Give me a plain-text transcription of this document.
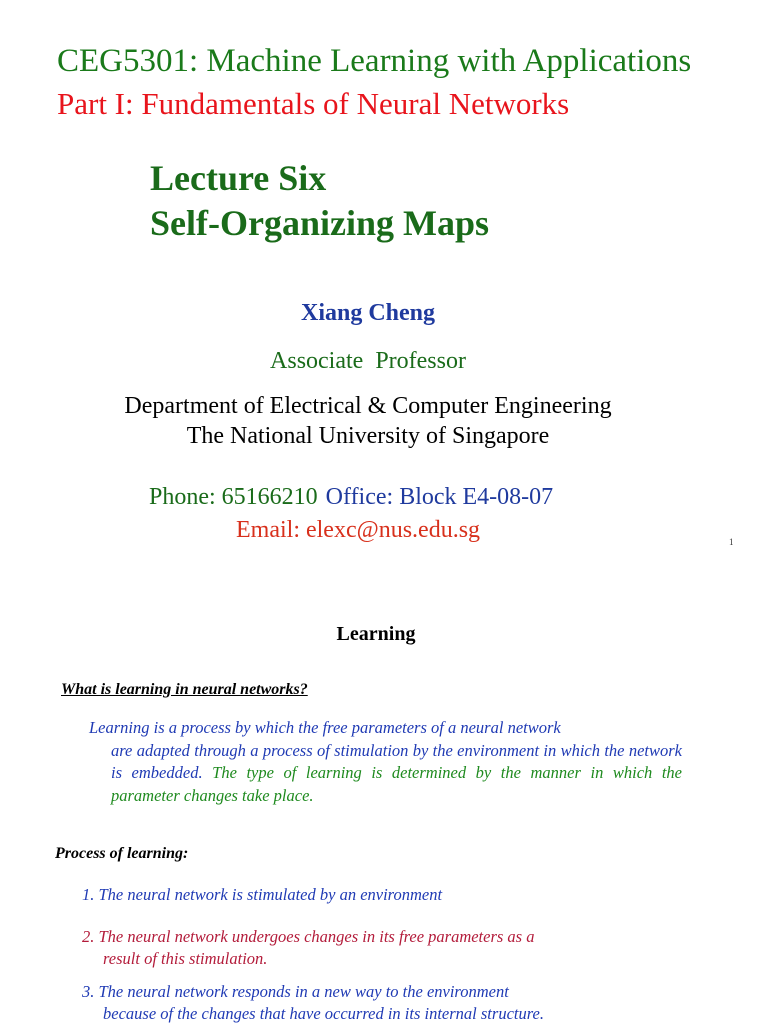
CEG5301: Machine Learning with Applications
Part I: Fundamentals of Neural Networks
Lecture Six
Self-Organizing Maps
Xiang Cheng
Associate  Professor
Department of Electrical & Computer Engineering
The National University of Singapore
Phone: 65166210 Office: Block E4-08-07
Email: elexc@nus.edu.sg	1
Learning
What is learning in neural networks?

Learning is a process by which the free parameters of a neural network
are adapted through a process of stimulation by the environment in which the network is embedded. The type of learning is determined by the manner in which the parameter changes take place.

Process of learning:

1. The neural network is stimulated by an environment

2. The neural network undergoes changes in its free parameters as a
result of this stimulation.

3. The neural network responds in a new way to the environment
because of the changes that have occurred in its internal structure.
